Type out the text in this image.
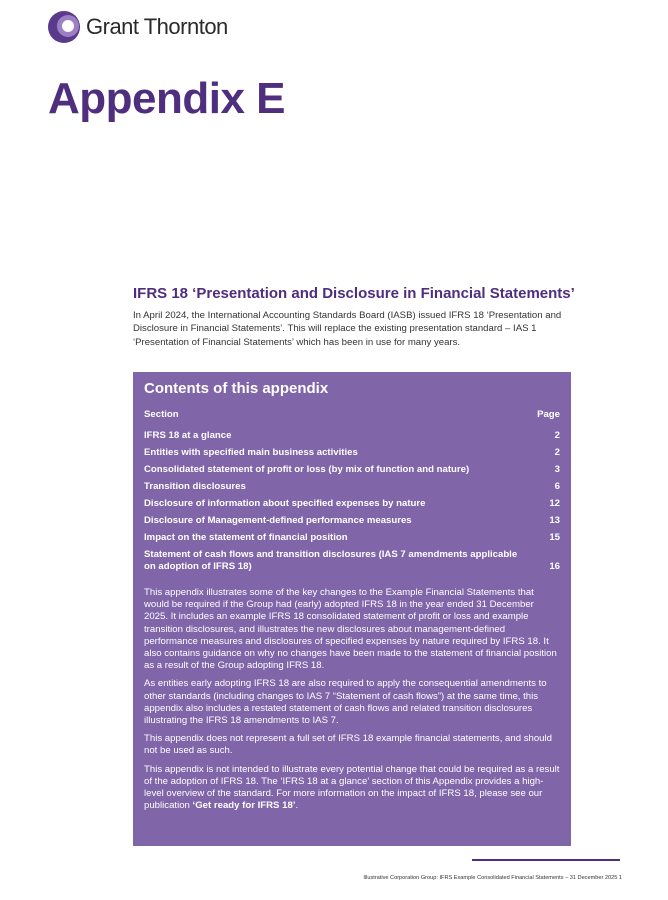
Grant Thornton
Appendix E
IFRS 18 ‘Presentation and Disclosure in Financial Statements’

In April 2024, the International Accounting Standards Board (IASB) issued IFRS 18 ‘Presentation and Disclosure in Financial Statements’. This will replace the existing presentation standard – IAS 1 ‘Presentation of Financial Statements’ which has been in use for many years.

Contents of this appendix
Section	Page
IFRS 18 at a glance	2
Entities with specified main business activities	2
Consolidated statement of profit or loss (by mix of function and nature)	3
Transition disclosures	6
Disclosure of information about specified expenses by nature	12
Disclosure of Management-defined performance measures	13
Impact on the statement of financial position	15
Statement of cash flows and transition disclosures (IAS 7 amendments applicable on adoption of IFRS 18)	16

This appendix illustrates some of the key changes to the Example Financial Statements that would be required if the Group had (early) adopted IFRS 18 in the year ended 31 December 2025. It includes an example IFRS 18 consolidated statement of profit or loss and example transition disclosures, and illustrates the new disclosures about management-defined performance measures and disclosures of specified expenses by nature required by IFRS 18. It also contains guidance on why no changes have been made to the statement of financial position as a result of the Group adopting IFRS 18.

As entities early adopting IFRS 18 are also required to apply the consequential amendments to other standards (including changes to IAS 7 “Statement of cash flows”) at the same time, this appendix also includes a restated statement of cash flows and related transition disclosures illustrating the IFRS 18 amendments to IAS 7.

This appendix does not represent a full set of IFRS 18 example financial statements, and should not be used as such.

This appendix is not intended to illustrate every potential change that could be required as a result of the adoption of IFRS 18. The ‘IFRS 18 at a glance’ section of this Appendix provides a high-level overview of the standard. For more information on the impact of IFRS 18, please see our publication ‘Get ready for IFRS 18’.

Illustrative Corporation Group: IFRS Example Consolidated Financial Statements – 31 December 2025 1
